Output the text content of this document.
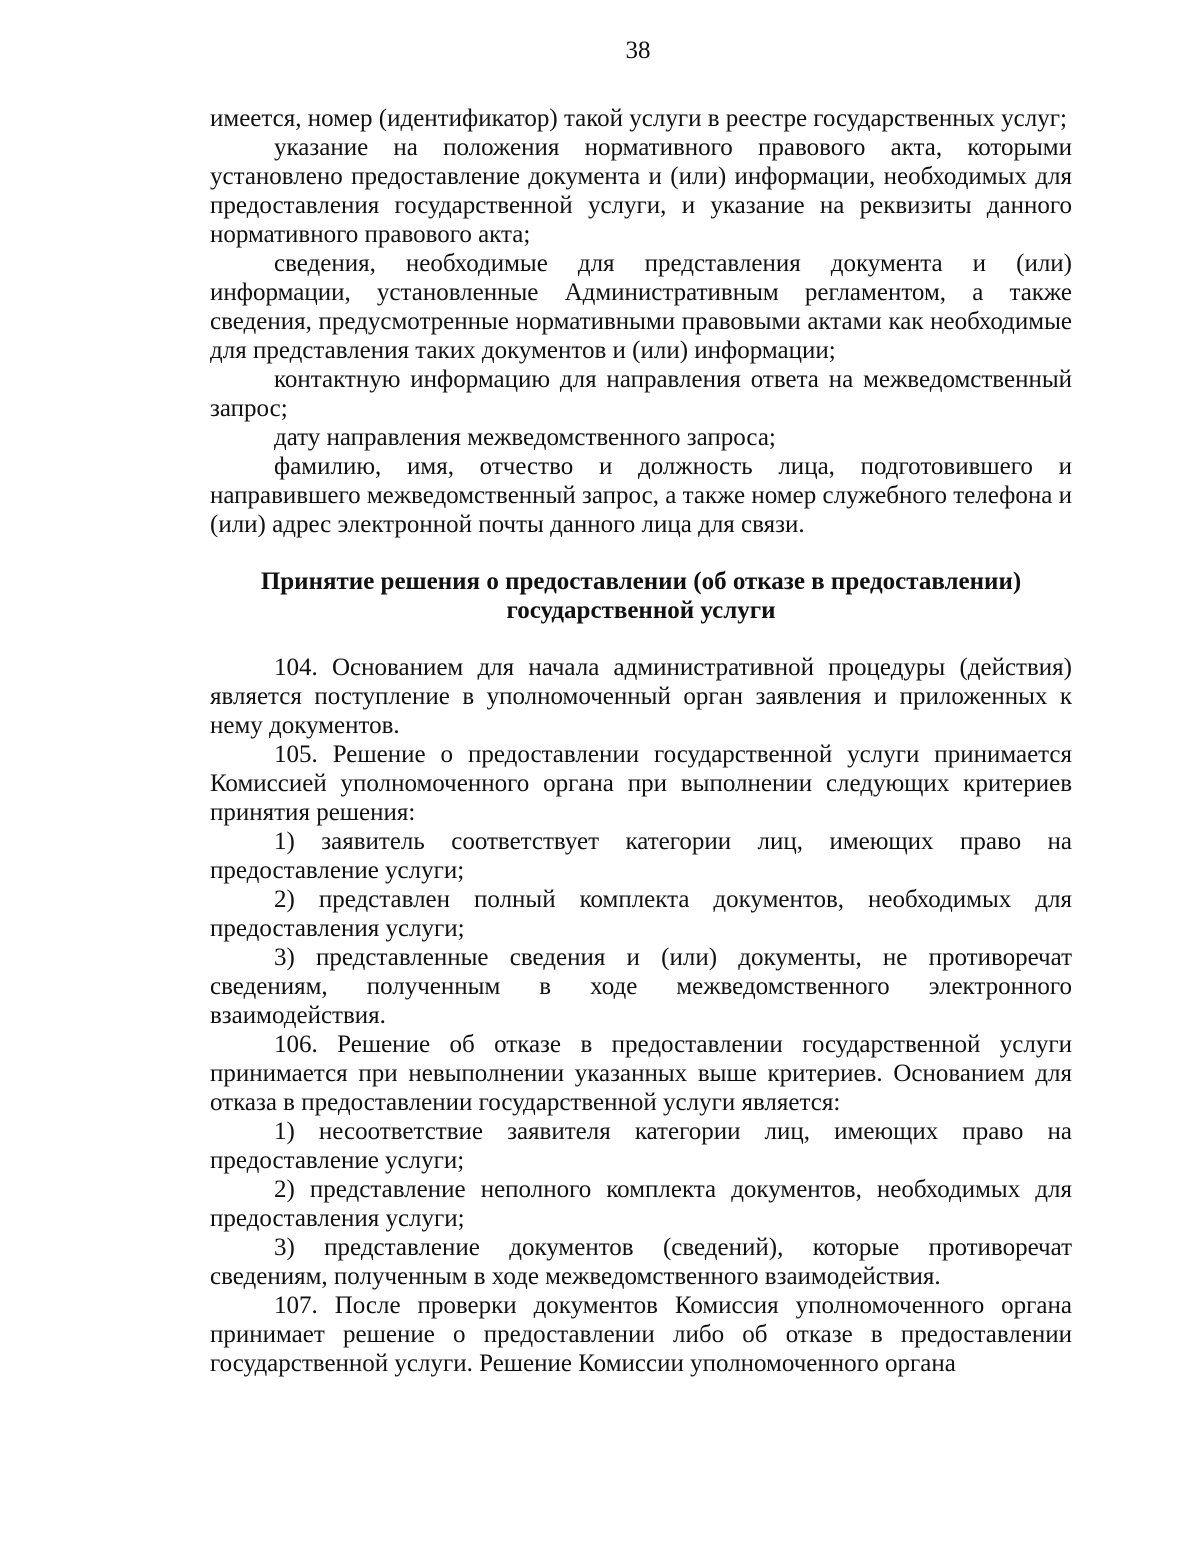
38

имеется, номер (идентификатор) такой услуги в реестре государственных услуг;

указание на положения нормативного правового акта, которыми установлено предоставление документа и (или) информации, необходимых для предоставления государственной услуги, и указание на реквизиты данного нормативного правового акта;

сведения, необходимые для представления документа и (или) информации, установленные Административным регламентом, а также сведения, предусмотренные нормативными правовыми актами как необходимые для представления таких документов и (или) информации;

контактную информацию для направления ответа на межведомственный запрос;

дату направления межведомственного запроса;

фамилию, имя, отчество и должность лица, подготовившего и направившего межведомственный запрос, а также номер служебного телефона и (или) адрес электронной почты данного лица для связи.

Принятие решения о предоставлении (об отказе в предоставлении)
государственной услуги

104. Основанием для начала административной процедуры (действия) является поступление в уполномоченный орган заявления и приложенных к нему документов.

105. Решение о предоставлении государственной услуги принимается Комиссией уполномоченного органа при выполнении следующих критериев принятия решения:

1) заявитель соответствует категории лиц, имеющих право на предоставление услуги;

2) представлен полный комплекта документов, необходимых для предоставления услуги;

3) представленные сведения и (или) документы, не противоречат сведениям, полученным в ходе межведомственного электронного взаимодействия.

106. Решение об отказе в предоставлении государственной услуги принимается при невыполнении указанных выше критериев. Основанием для отказа в предоставлении государственной услуги является:

1) несоответствие заявителя категории лиц, имеющих право на предоставление услуги;

2) представление неполного комплекта документов, необходимых для предоставления услуги;

3) представление документов (сведений), которые противоречат сведениям, полученным в ходе межведомственного взаимодействия.

107. После проверки документов Комиссия уполномоченного органа принимает решение о предоставлении либо об отказе в предоставлении государственной услуги. Решение Комиссии уполномоченного органа
